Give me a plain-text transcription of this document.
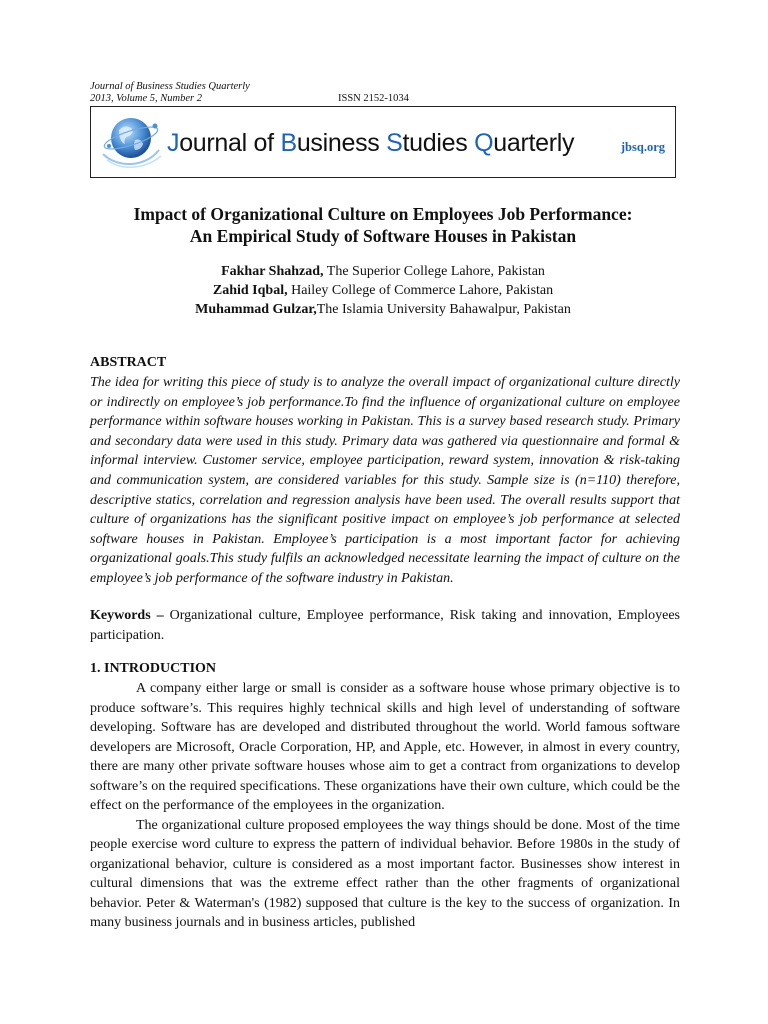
Journal of Business Studies Quarterly
2013, Volume 5, Number 2	ISSN 2152-1034
Journal of Business Studies Quarterly	jbsq.org
Impact of Organizational Culture on Employees Job Performance:
An Empirical Study of Software Houses in Pakistan
Fakhar Shahzad, The Superior College Lahore, Pakistan
Zahid Iqbal, Hailey College of Commerce Lahore, Pakistan
Muhammad Gulzar,The Islamia University Bahawalpur, Pakistan
ABSTRACT
The idea for writing this piece of study is to analyze the overall impact of organizational culture directly or indirectly on employee’s job performance.To find the influence of organizational culture on employee performance within software houses working in Pakistan. This is a survey based research study. Primary and secondary data were used in this study. Primary data was gathered via questionnaire and formal & informal interview. Customer service, employee participation, reward system, innovation & risk-taking and communication system, are considered variables for this study. Sample size is (n=110) therefore, descriptive statics, correlation and regression analysis have been used. The overall results support that culture of organizations has the significant positive impact on employee’s job performance at selected software houses in Pakistan. Employee’s participation is a most important factor for achieving organizational goals.This study fulfils an acknowledged necessitate learning the impact of culture on the employee’s job performance of the software industry in Pakistan.
Keywords – Organizational culture, Employee performance, Risk taking and innovation, Employees participation.
1. INTRODUCTION

A company either large or small is consider as a software house whose primary objective is to produce software’s. This requires highly technical skills and high level of understanding of software developing. Software has are developed and distributed throughout the world. World famous software developers are Microsoft, Oracle Corporation, HP, and Apple, etc. However, in almost in every country, there are many other private software houses whose aim to get a contract from organizations to develop software’s on the required specifications. These organizations have their own culture, which could be the effect on the performance of the employees in the organization.

The organizational culture proposed employees the way things should be done. Most of the time people exercise word culture to express the pattern of individual behavior. Before 1980s in the study of organizational behavior, culture is considered as a most important factor. Businesses show interest in cultural dimensions that was the extreme effect rather than the other fragments of organizational behavior. Peter & Waterman's (1982) supposed that culture is the key to the success of organization. In many business journals and in business articles, published
